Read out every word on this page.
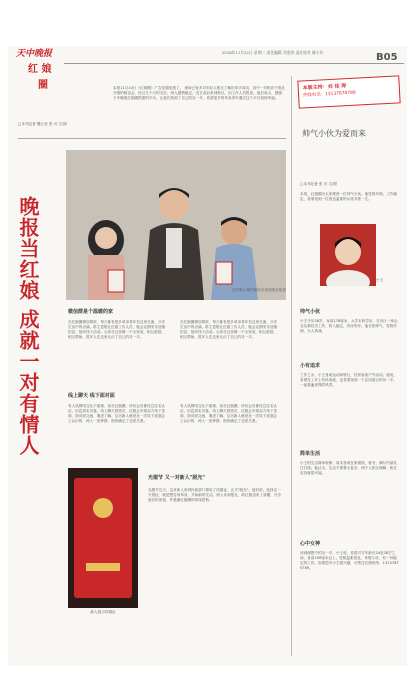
天中晚报
红 娘
圈
2018年11月22日 星期二 责任编辑 刘金涛 责任校对 谢小玲	B05
本报11月10日《红娘圈》广告征婚见报了。 现场已有多对年轻人相互了解后牵手成功，其中一对相识于报社开展的相亲会，经过几个月的交往，两人感情稳定，近日双双来到报社，向工作人员报喜。他们表示，感谢天中晚报红娘圈搭建的平台，让他们找到了自己的另一半，希望更多的单身青年通过这个平台找到幸福。
□本刊记者 魏元莹 张 可 文/图
这对新人相约领证后来到报社报喜
晚报当红娘 成就一对有情人	微信群是个温暖的家
在红娘圈微信群里，每天都有很多单身青年在这里交流，分享生活中的点滴。群主是报社红娘工作人员，她会定期发布征婚信息，组织线下活动。大家在这里像一个大家庭，相互鼓励，相互帮助，很多人在这里认识了自己的另一半。
在红娘圈微信群里，每天都有很多单身青年在这里交流，分享生活中的点滴。群主是报社红娘工作人员，她会定期发布征婚信息，组织线下活动。大家在这里像一个大家庭，相互鼓励，相互帮助，很多人在这里认识了自己的另一半。
线上聊天 线下面对面
有人说网络交友不靠谱，但在红娘圈，所有会员都经过实名认证，信息真实可靠。线上聊天熟悉后，红娘会安排双方线下见面，面对面交流，增进了解。这对新人就是在一次线下见面会上认识的，两人一见钟情，很快确定了恋爱关系。
有人说网络交友不靠谱，但在红娘圈，所有会员都经过实名认证，信息真实可靠。线上聊天熟悉后，红娘会安排双方线下见面，面对面交流，增进了解。这对新人就是在一次线下见面会上认识的，两人一见钟情，很快确定了恋爱关系。
新人展示结婚证
光棍节 又一对新人"脱光"
光棍节这天，这对新人来到民政部门领取了结婚证，正式"脱光"。他们说，选择这一天领证，就是想告别单身，开始新的生活。两人来到报社，给红娘送来了喜糖，分享他们的喜悦，并感谢红娘圈的牵线搭桥。
本版主持：刘 佳 涛
热线电话：13137870789
帅气小伙为爱而来
□本刊记者 张 可 文/图
本周，红娘圈为大家推荐一位帅气小伙。他性格开朗，工作稳定，希望找到一位善良温柔的女孩共度一生。
小王
帅气小伙
小王今年28岁，身高178厘米，大学本科学历，在市区一家企业从事技术工作，收入稳定，有房有车。他长相帅气，性格开朗，为人真诚。
小有追求
工作之余，小王喜欢运动和旅行，经常参加户外活动。他说，希望在工作上有所成就，也希望找到一个志同道合的另一半，一起看遍世界的风景。
简单生活
小王的生活简单规律，周末喜欢在家做饭、看书，偶尔约朋友打打球。他认为，生活不需要太复杂，两个人相互理解、相互包容就很幸福。
心中女神
谈到理想中的另一半，小王说，希望对方年龄在24至28岁之间，身高160厘米以上，性格温柔善良，孝敬父母，有一份稳定的工作。如果您对小王感兴趣，可拨打红娘热线：13137870789。
